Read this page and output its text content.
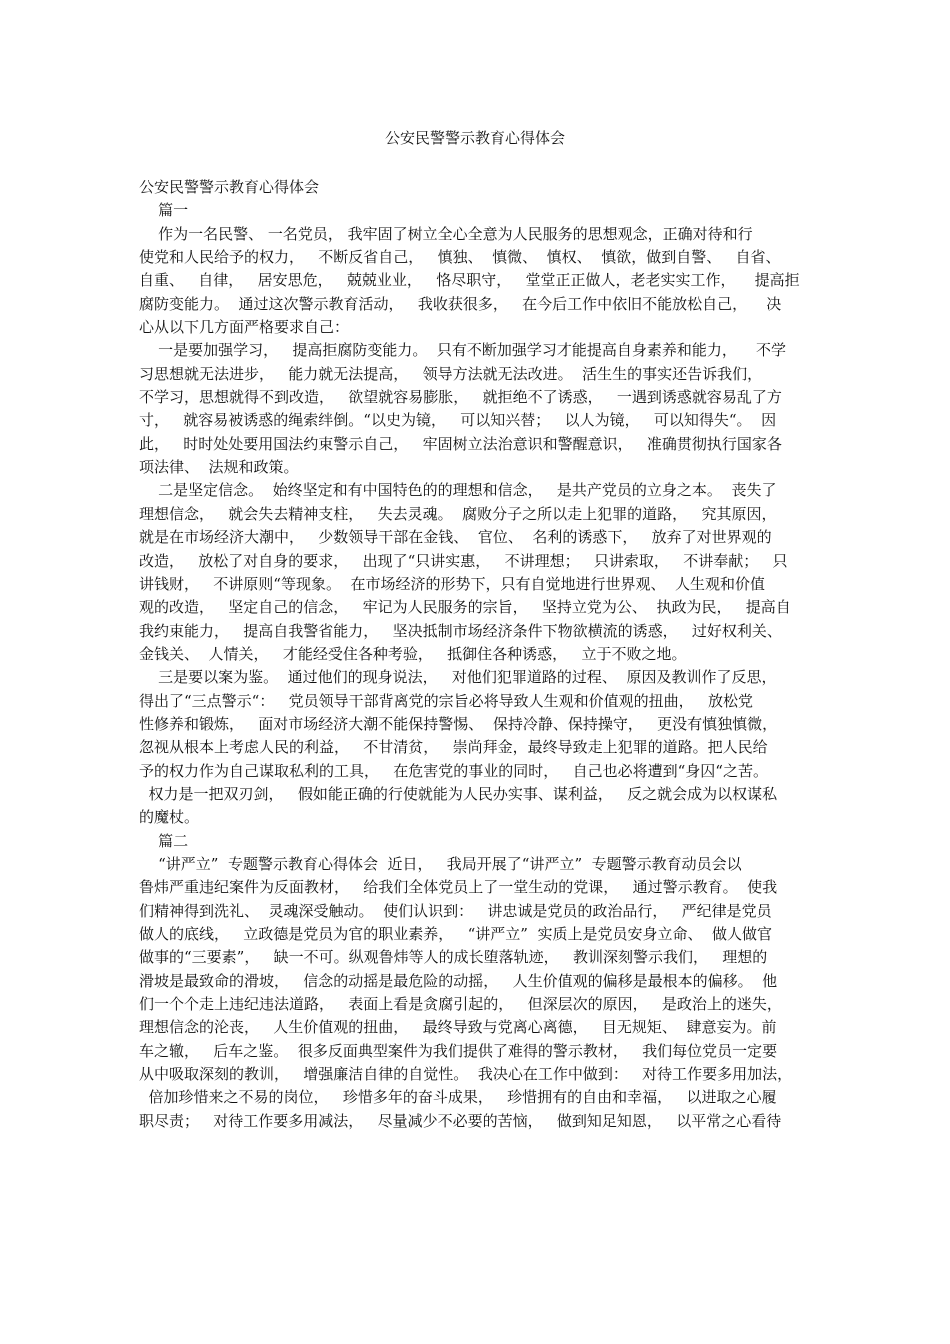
公安民警警示教育心得体会
公安民警警示教育心得体会
篇一
作为一名民警、 一名党员， 我牢固了树立全心全意为人民服务的思想观念，正确对待和行
使党和人民给予的权力，   不断反省自己，   慎独、  慎微、  慎权、  慎欲，做到自警、   自省、
自重、   自律，   居安思危，   兢兢业业，   恪尽职守，   堂堂正正做人，老老实实工作，    提高拒
腐防变能力。  通过这次警示教育活动，   我收获很多，   在今后工作中依旧不能放松自己，    决
心从以下几方面严格要求自己：
一是要加强学习，   提高拒腐防变能力。  只有不断加强学习才能提高自身素养和能力，    不学
习思想就无法进步，   能力就无法提高，   领导方法就无法改进。  活生生的事实还告诉我们，
不学习，思想就得不到改造，   欲望就容易膨胀，   就拒绝不了诱惑，   一遇到诱惑就容易乱了方
寸，   就容易被诱惑的绳索绊倒。“以史为镜，   可以知兴替；   以人为镜，   可以知得失“。  因
此，   时时处处要用国法约束警示自己，   牢固树立法治意识和警醒意识，   准确贯彻执行国家各
项法律、  法规和政策。
二是坚定信念。  始终坚定和有中国特色的的理想和信念，   是共产党员的立身之本。  丧失了
理想信念，   就会失去精神支柱，   失去灵魂。  腐败分子之所以走上犯罪的道路，   究其原因，
就是在市场经济大潮中，   少数领导干部在金钱、  官位、  名利的诱惑下，   放弃了对世界观的
改造，   放松了对自身的要求，   出现了“只讲实惠，   不讲理想；   只讲索取，   不讲奉献；   只
讲钱财，   不讲原则“等现象。  在市场经济的形势下，只有自觉地进行世界观、  人生观和价值
观的改造，   坚定自己的信念，   牢记为人民服务的宗旨，   坚持立党为公、  执政为民，   提高自
我约束能力，   提高自我警省能力，   坚决抵制市场经济条件下物欲横流的诱惑，   过好权利关、
金钱关、  人情关，   才能经受住各种考验，   抵御住各种诱惑，   立于不败之地。
三是要以案为鉴。  通过他们的现身说法，   对他们犯罪道路的过程、  原因及教训作了反思，
得出了“三点警示“：   党员领导干部背离党的宗旨必将导致人生观和价值观的扭曲，   放松党
性修养和锻炼，   面对市场经济大潮不能保持警惕、  保持冷静、保持操守，   更没有慎独慎微，
忽视从根本上考虑人民的利益，   不甘清贫，   崇尚拜金，最终导致走上犯罪的道路。把人民给
予的权力作为自己谋取私利的工具，   在危害党的事业的同时，   自己也必将遭到“身囚“之苦。
权力是一把双刃剑，   假如能正确的行使就能为人民办实事、谋利益，   反之就会成为以权谋私
的魔杖。
篇二
“讲严立”  专题警示教育心得体会  近日，   我局开展了“讲严立”  专题警示教育动员会以
鲁炜严重违纪案件为反面教材，   给我们全体党员上了一堂生动的党课，   通过警示教育。  使我
们精神得到洗礼、  灵魂深受触动。  使们认识到：   讲忠诚是党员的政治品行，   严纪律是党员
做人的底线，   立政德是党员为官的职业素养，   “讲严立”  实质上是党员安身立命、  做人做官
做事的“三要素”，   缺一不可。纵观鲁炜等人的成长堕落轨迹，   教训深刻警示我们，   理想的
滑坡是最致命的滑坡，   信念的动摇是最危险的动摇，   人生价值观的偏移是最根本的偏移。  他
们一个个走上违纪违法道路，   表面上看是贪腐引起的，   但深层次的原因，   是政治上的迷失，
理想信念的沦丧，   人生价值观的扭曲，   最终导致与党离心离德，   目无规矩、  肆意妄为。前
车之辙，   后车之鉴。  很多反面典型案件为我们提供了难得的警示教材，   我们每位党员一定要
从中吸取深刻的教训，   增强廉洁自律的自觉性。  我决心在工作中做到：   对待工作要多用加法，
倍加珍惜来之不易的岗位，   珍惜多年的奋斗成果，   珍惜拥有的自由和幸福，   以进取之心履
职尽责；   对待工作要多用减法，   尽量减少不必要的苦恼，   做到知足知恩，   以平常之心看待
